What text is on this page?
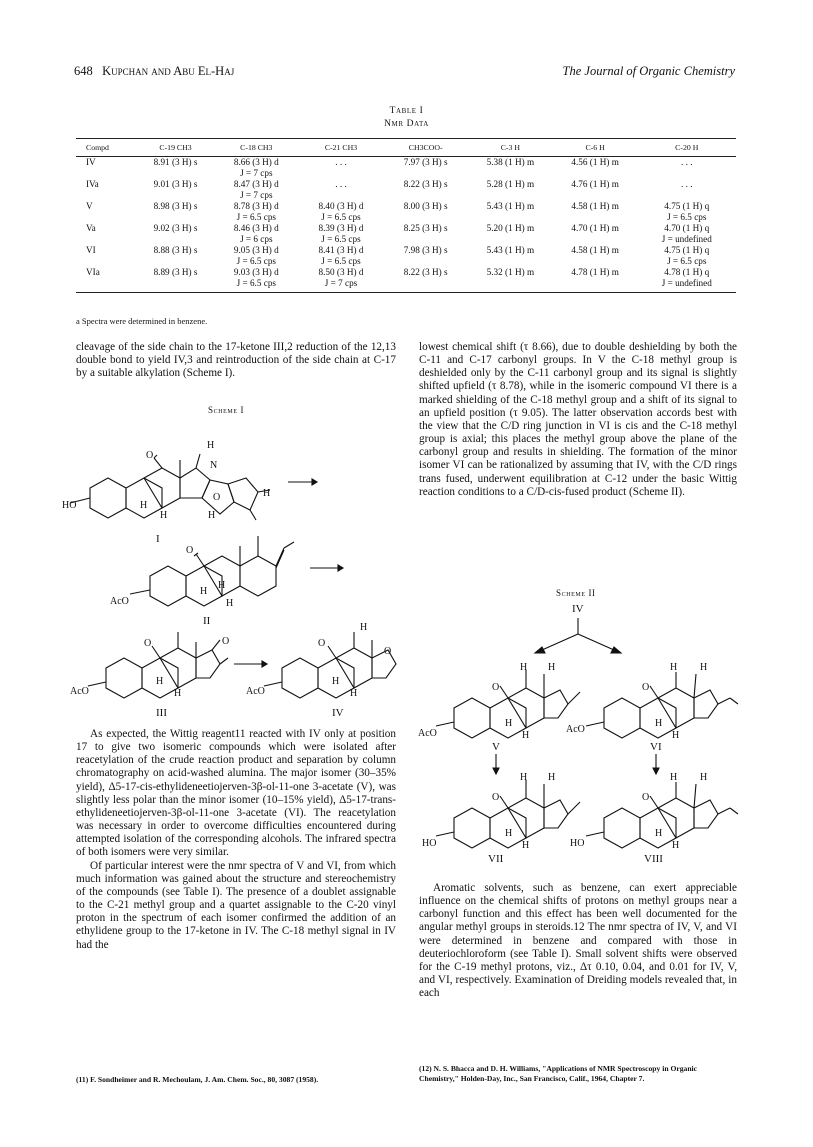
648 Kupchan and Abu El-Haj	The Journal of Organic Chemistry
Table I
Nmr Data
Compd	C-19 CH3	C-18 CH3	C-21 CH3	CH3COO-	C-3 H	C-6 H	C-20 H
IV	8.91 (3 H) s	8.66 (3 H) d	. . .	7.97 (3 H) s	5.38 (1 H) m	4.56 (1 H) m	. . .
		J = 7 cps					
IVa	9.01 (3 H) s	8.47 (3 H) d	. . .	8.22 (3 H) s	5.28 (1 H) m	4.76 (1 H) m	. . .
		J = 7 cps					
V	8.98 (3 H) s	8.78 (3 H) d	8.40 (3 H) d	8.00 (3 H) s	5.43 (1 H) m	4.58 (1 H) m	4.75 (1 H) q
		J = 6.5 cps	J = 6.5 cps				J = 6.5 cps
Va	9.02 (3 H) s	8.46 (3 H) d	8.39 (3 H) d	8.25 (3 H) s	5.20 (1 H) m	4.70 (1 H) m	4.70 (1 H) q
		J = 6 cps	J = 6.5 cps				J = undefined
VI	8.88 (3 H) s	9.05 (3 H) d	8.41 (3 H) d	7.98 (3 H) s	5.43 (1 H) m	4.58 (1 H) m	4.75 (1 H) q
		J = 6.5 cps	J = 6.5 cps				J = 6.5 cps
VIa	8.89 (3 H) s	9.03 (3 H) d	8.50 (3 H) d	8.22 (3 H) s	5.32 (1 H) m	4.78 (1 H) m	4.78 (1 H) q
		J = 6.5 cps	J = 7 cps				J = undefined
a Spectra were determined in benzene.

cleavage of the side chain to the 17-ketone III,2 reduction of the 12,13 double bond to yield IV,3 and reintroduction of the side chain at C-17 by a suitable alkylation (Scheme I).

Scheme I
H
N
O
O	H
H
H	H
HO
I
O
H
H
H
AcO
II
O	O
H
H
AcO
III
O
O
H
H
H
AcO
IV

As expected, the Wittig reagent11 reacted with IV only at position 17 to give two isomeric compounds which were isolated after reacetylation of the crude reaction product and separation by column chromatography on acid-washed alumina. The major isomer (30–35% yield), Δ5-17-cis-ethylideneetiojerven-3β-ol-11-one 3-acetate (V), was slightly less polar than the minor isomer (10–15% yield), Δ5-17-trans-ethylideneetiojerven-3β-ol-11-one 3-acetate (VI). The reacetylation was necessary in order to overcome difficulties encountered during attempted isolation of the corresponding alcohols. The infrared spectra of both isomers were very similar.

Of particular interest were the nmr spectra of V and VI, from which much information was gained about the structure and stereochemistry of the compounds (see Table I). The presence of a doublet assignable to the C-21 methyl group and a quartet assignable to the C-20 vinyl proton in the spectrum of each isomer confirmed the addition of an ethylidene group to the 17-ketone in IV. The C-18 methyl signal in IV had the

(11) F. Sondheimer and R. Mechoulam, J. Am. Chem. Soc., 80, 3087 (1958).

lowest chemical shift (τ 8.66), due to double deshielding by both the C-11 and C-17 carbonyl groups. In V the C-18 methyl group is deshielded only by the C-11 carbonyl group and its signal is slightly shifted upfield (τ 8.78), while in the isomeric compound VI there is a marked shielding of the C-18 methyl group and a shift of its signal to an upfield position (τ 9.05). The latter observation accords best with the view that the C/D ring junction in VI is cis and the C-18 methyl group is axial; this places the methyl group above the plane of the carbonyl group and results in shielding. The formation of the minor isomer VI can be rationalized by assuming that IV, with the C/D rings trans fused, underwent equilibration at C-12 under the basic Wittig reaction conditions to a C/D-cis-fused product (Scheme II).

Scheme II
IV
O
H H
H
H
AcO
V
O
H H
H
H
AcO
VI
O
H H
H
H
HO
VII
O
H H
H
H
HO
VIII

Aromatic solvents, such as benzene, can exert appreciable influence on the chemical shifts of protons on methyl groups near a carbonyl function and this effect has been well documented for the angular methyl groups in steroids.12 The nmr spectra of IV, V, and VI were determined in benzene and compared with those in deuteriochloroform (see Table I). Small solvent shifts were observed for the C-19 methyl protons, viz., Δτ 0.10, 0.04, and 0.01 for IV, V, and VI, respectively. Examination of Dreiding models revealed that, in each

(12) N. S. Bhacca and D. H. Williams, "Applications of NMR Spectroscopy in Organic Chemistry," Holden-Day, Inc., San Francisco, Calif., 1964, Chapter 7.
